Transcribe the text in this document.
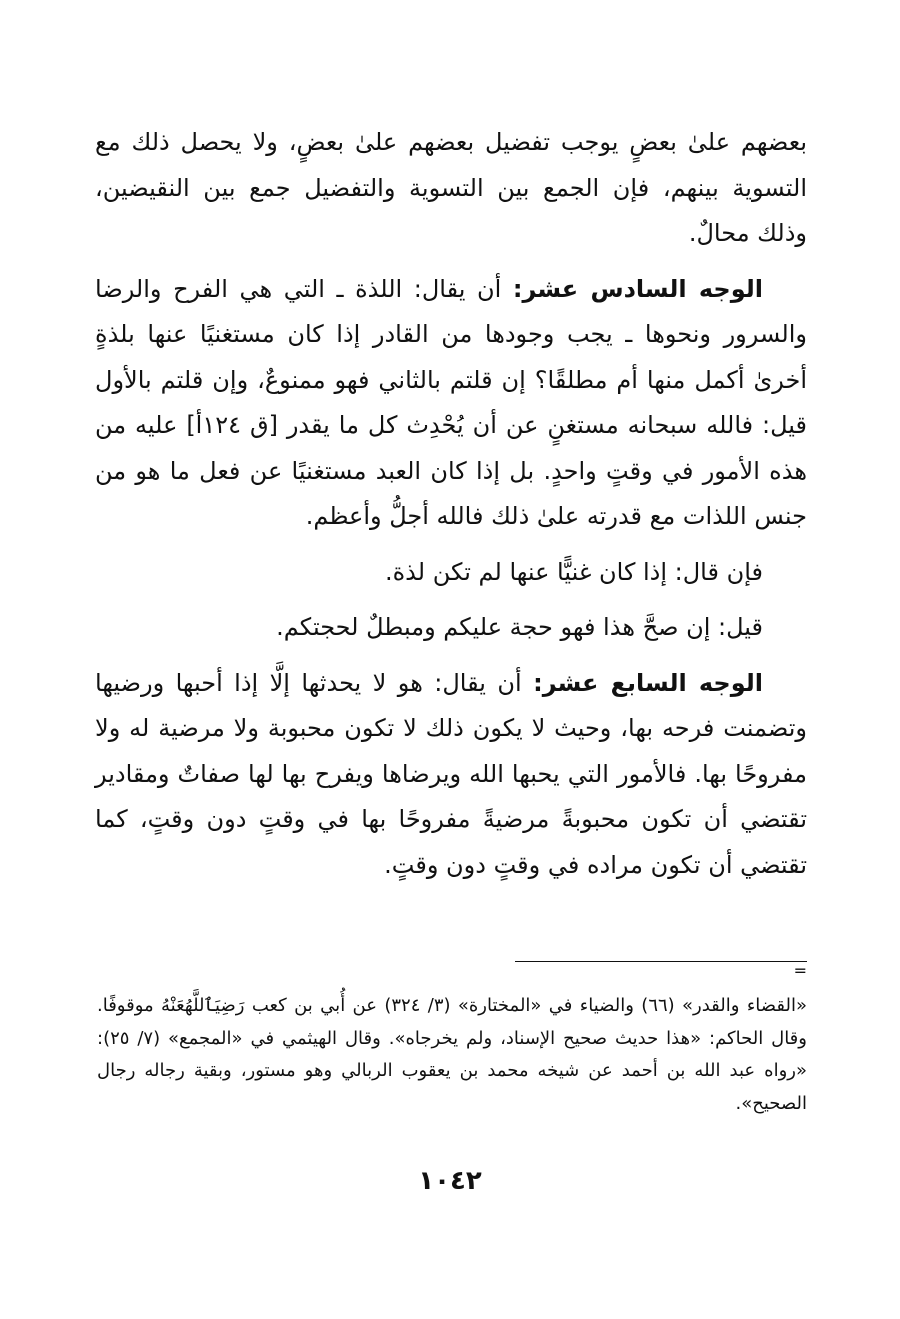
بعضهم علىٰ بعضٍ يوجب تفضيل بعضهم علىٰ بعضٍ، ولا يحصل ذلك مع التسوية بينهم، فإن الجمع بين التسوية والتفضيل جمع بين النقيضين، وذلك محالٌ.

الوجه السادس عشر: أن يقال: اللذة ـ التي هي الفرح والرضا والسرور ونحوها ـ يجب وجودها من القادر إذا كان مستغنيًا عنها بلذةٍ أخرىٰ أكمل منها أم مطلقًا؟ إن قلتم بالثاني فهو ممنوعٌ، وإن قلتم بالأول قيل: فالله سبحانه مستغنٍ عن أن يُحْدِث كل ما يقدر [ق ١٢٤أ] عليه من هذه الأمور في وقتٍ واحدٍ. بل إذا كان العبد مستغنيًا عن فعل ما هو من جنس اللذات مع قدرته علىٰ ذلك فالله أجلُّ وأعظم.

فإن قال: إذا كان غنيًّا عنها لم تكن لذة.

قيل: إن صحَّ هذا فهو حجة عليكم ومبطلٌ لحجتكم.

الوجه السابع عشر: أن يقال: هو لا يحدثها إلَّا إذا أحبها ورضيها وتضمنت فرحه بها، وحيث لا يكون ذلك لا تكون محبوبة ولا مرضية له ولا مفروحًا بها. فالأمور التي يحبها الله ويرضاها ويفرح بها لها صفاتٌ ومقادير تقتضي أن تكون محبوبةً مرضيةً مفروحًا بها في وقتٍ دون وقتٍ، كما تقتضي أن تكون مراده في وقتٍ دون وقتٍ.

=

«القضاء والقدر» (٦٦) والضياء في «المختارة» (٣/ ٣٢٤) عن أُبي بن كعب رَضِيَٱللَّهُعَنْهُ موقوفًا. وقال الحاكم: «هذا حديث صحيح الإسناد، ولم يخرجاه». وقال الهيثمي في «المجمع» (٧/ ٢٥): «رواه عبد الله بن أحمد عن شيخه محمد بن يعقوب الربالي وهو مستور، وبقية رجاله رجال الصحيح».

١٠٤٢
